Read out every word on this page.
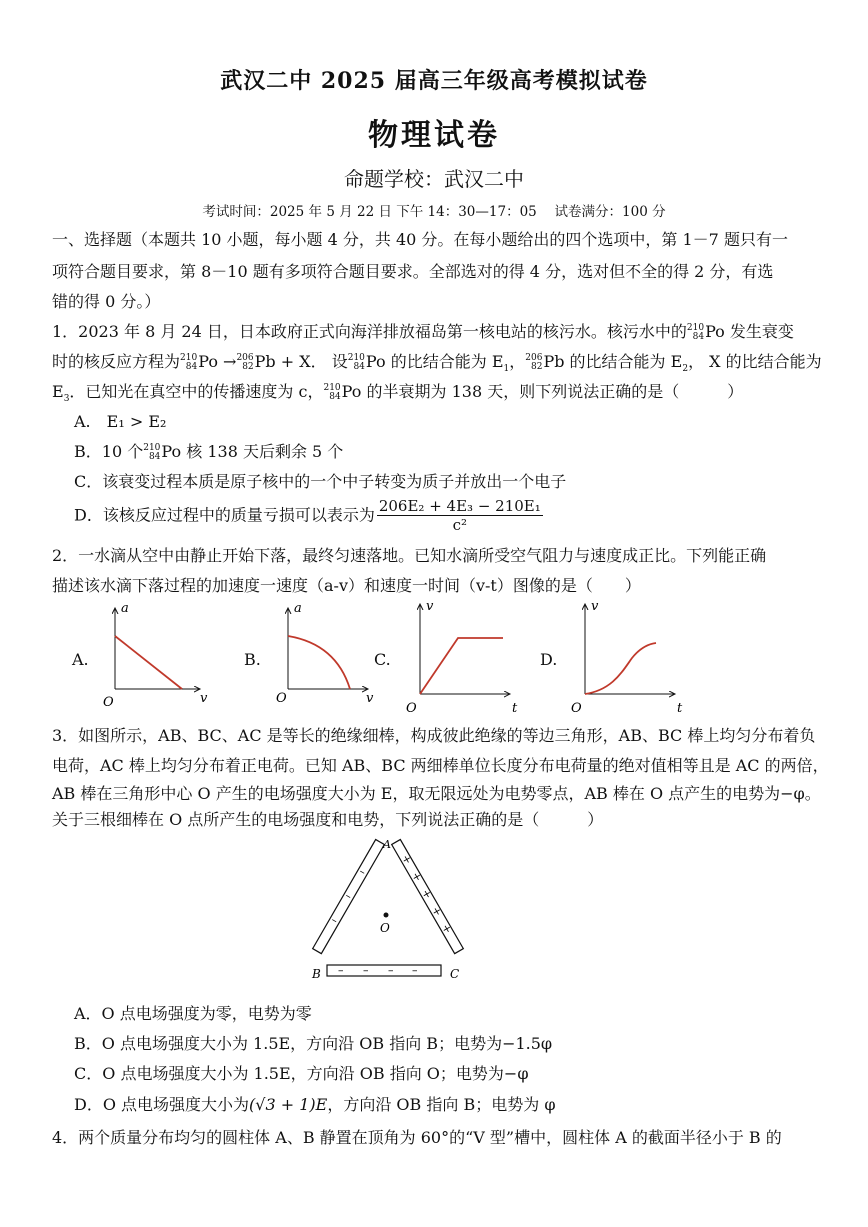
武汉二中 2025 届高三年级高考模拟试卷
物理试卷
命题学校：武汉二中
考试时间：2025 年 5 月 22 日 下午 14：30—17：05　 试卷满分：100 分
一、选择题（本题共 10 小题，每小题 4 分，共 40 分。在每小题给出的四个选项中，第 1－7 题只有一
项符合题目要求，第 8－10 题有多项符合题目要求。全部选对的得 4 分，选对但不全的得 2 分，有选
错的得 0 分。）
1．2023 年 8 月 24 日，日本政府正式向海洋排放福岛第一核电站的核污水。核污水中的 210
84 Po 发生衰变
时的核反应方程为 210
84 Po → 206
82 Pb + X． 设 210
84 Po 的比结合能为 $E_1$， 206
82 Pb 的比结合能为 $E_2$， X 的比结合能为
$E_3$．已知光在真空中的传播速度为 c， 210
84 Po 的半衰期为 138 天，则下列说法正确的是（　　　）
A.　E₁ > E₂
B．10 个 210
84 Po 核 138 天后剩余 5 个
C．该衰变过程本质是原子核中的一个中子转变为质子并放出一个电子
D．该核反应过程中的质量亏损可以表示为 $\frac{\text{206E₂ + 4E₃ − 210E₁}}{\text{c²}}$
2．一水滴从空中由静止开始下落，最终匀速落地。已知水滴所受空气阻力与速度成正比。下列能正确
描述该水滴下落过程的加速度一速度（a-v）和速度一时间（v-t）图像的是（　　）
A.	B.	C.	D.
a
v
O
a
v
O
v
t
O
v
t
O
3．如图所示，AB、BC、AC 是等长的绝缘细棒，构成彼此绝缘的等边三角形，AB、BC 棒上均匀分布着负
电荷，AC 棒上均匀分布着正电荷。已知 AB、BC 两细棒单位长度分布电荷量的绝对值相等且是 AC 的两倍，
AB 棒在三角形中心 O 产生的电场强度大小为 E，取无限远处为电势零点，AB 棒在 O 点产生的电势为−φ。
关于三根细棒在 O 点所产生的电场强度和电势，下列说法正确的是（　　　）
–
–
–
+
+
+
+
+
– – – –
O
A
B	C
A．O 点电场强度为零，电势为零
B．O 点电场强度大小为 1.5E，方向沿 OB 指向 B；电势为−1.5φ
C．O 点电场强度大小为 1.5E，方向沿 OB 指向 O；电势为−φ
D．O 点电场强度大小为(√3 + 1)E，方向沿 OB 指向 B；电势为 φ
4．两个质量分布均匀的圆柱体 A、B 静置在顶角为 60°的“V 型”槽中，圆柱体 A 的截面半径小于 B 的
